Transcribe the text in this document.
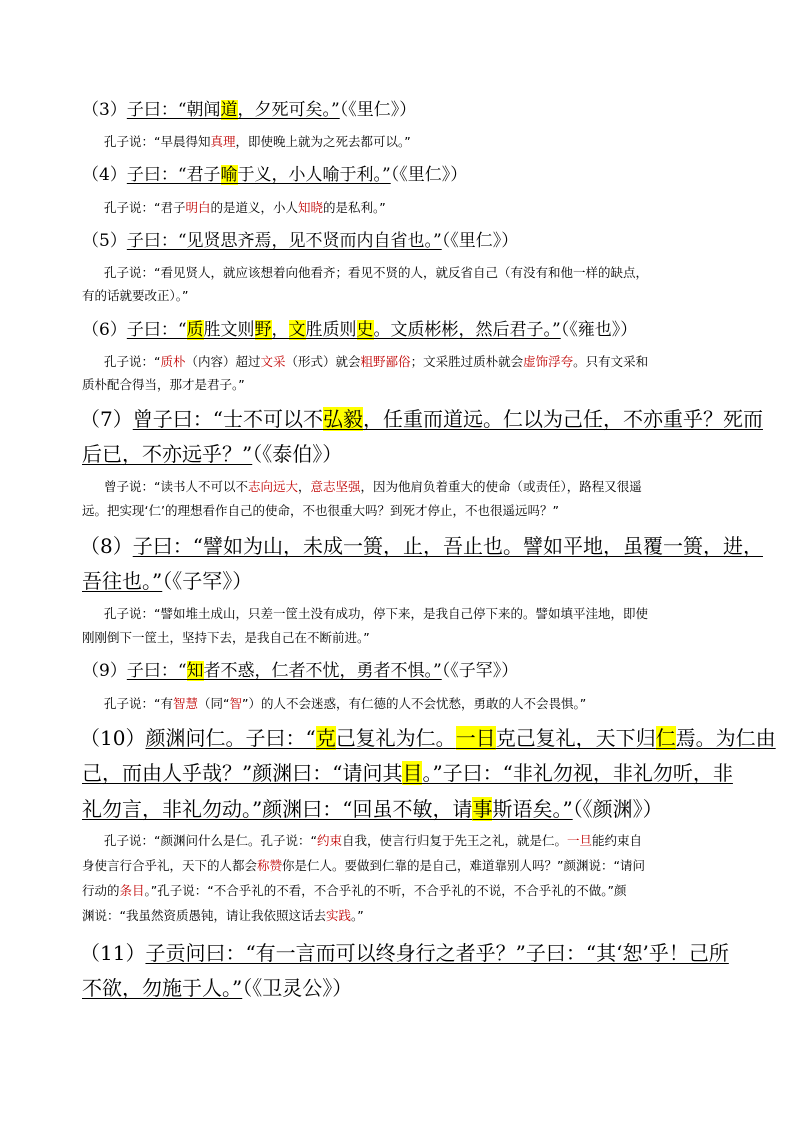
（3）子曰：“朝闻道，夕死可矣。”（《里仁》）
孔子说：“早晨得知真理，即使晚上就为之死去都可以。”
（4）子曰：“君子喻于义，小人喻于利。”（《里仁》）
孔子说：“君子明白的是道义，小人知晓的是私利。”
（5）子曰：“见贤思齐焉，见不贤而内自省也。”（《里仁》）
孔子说：“看见贤人，就应该想着向他看齐；看见不贤的人，就反省自己（有没有和他一样的缺点，
有的话就要改正）。”
（6）子曰：“质胜文则野，文胜质则史。文质彬彬，然后君子。”（《雍也》）
孔子说：“质朴（内容）超过文采（形式）就会粗野鄙俗；文采胜过质朴就会虚饰浮夸。只有文采和
质朴配合得当，那才是君子。”
（7）曾子曰：“士不可以不弘毅，任重而道远。仁以为己任，不亦重乎？死而
后已，不亦远乎？”（《泰伯》）
曾子说：“读书人不可以不志向远大，意志坚强，因为他肩负着重大的使命（或责任），路程又很遥
远。把实现‘仁’的理想看作自己的使命，不也很重大吗？到死才停止，不也很遥远吗？”
（8）子曰：“譬如为山，未成一篑，止，吾止也。譬如平地，虽覆一篑，进，
吾往也。”（《子罕》）
孔子说：“譬如堆土成山，只差一筐土没有成功，停下来，是我自己停下来的。譬如填平洼地，即使
刚刚倒下一筐土，坚持下去，是我自己在不断前进。”
（9）子曰：“知者不惑，仁者不忧，勇者不惧。”（《子罕》）
孔子说：“有智慧（同“智”）的人不会迷惑，有仁德的人不会忧愁，勇敢的人不会畏惧。”
（10）颜渊问仁。子曰：“克己复礼为仁。一日克己复礼，天下归仁焉。为仁由
己，而由人乎哉？”颜渊曰：“请问其目。”子曰：“非礼勿视，非礼勿听，非
礼勿言，非礼勿动。”颜渊曰：“回虽不敏，请事斯语矣。”（《颜渊》）
孔子说：“颜渊问什么是仁。孔子说：“约束自我，使言行归复于先王之礼，就是仁。一旦能约束自
身使言行合乎礼，天下的人都会称赞你是仁人。要做到仁靠的是自己，难道靠别人吗？”颜渊说：“请问
行动的条目。”孔子说：“不合乎礼的不看，不合乎礼的不听，不合乎礼的不说，不合乎礼的不做。”颜
渊说：“我虽然资质愚钝，请让我依照这话去实践。”
（11）子贡问曰：“有一言而可以终身行之者乎？”子曰：“其‘恕’乎！己所
不欲，勿施于人。”（《卫灵公》）
